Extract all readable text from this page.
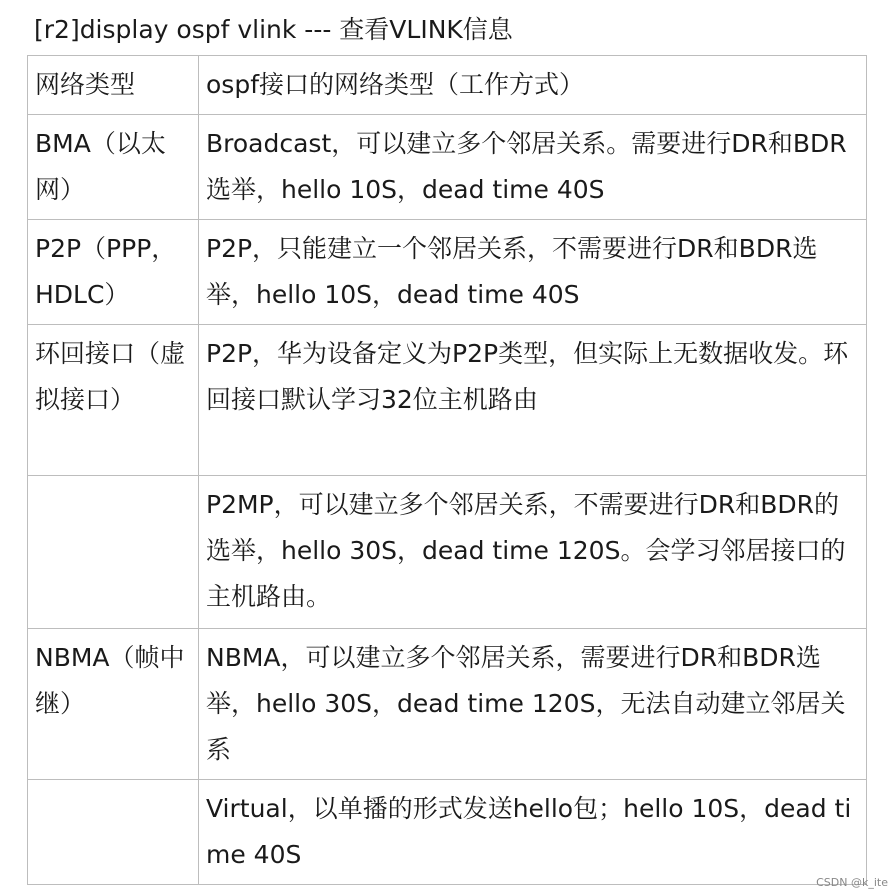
[r2]display ospf vlink --- 查看VLINK信息
网络类型	ospf接口的网络类型（工作方式）
BMA（以太网）	Broadcast，可以建立多个邻居关系。需要进行DR和BDR选举，hello 10S，dead time 40S
P2P（PPP，HDLC）	P2P，只能建立一个邻居关系，不需要进行DR和BDR选举，hello 10S，dead time 40S
环回接口（虚拟接口）	P2P，华为设备定义为P2P类型，但实际上无数据收发。环回接口默认学习32位主机路由
	P2MP，可以建立多个邻居关系，不需要进行DR和BDR的选举，hello 30S，dead time 120S。会学习邻居接口的主机路由。
NBMA（帧中继）	NBMA，可以建立多个邻居关系，需要进行DR和BDR选举，hello 30S，dead time 120S，无法自动建立邻居关系
	Virtual，以单播的形式发送hello包；hello 10S，dead time 40S
CSDN @k_ite
